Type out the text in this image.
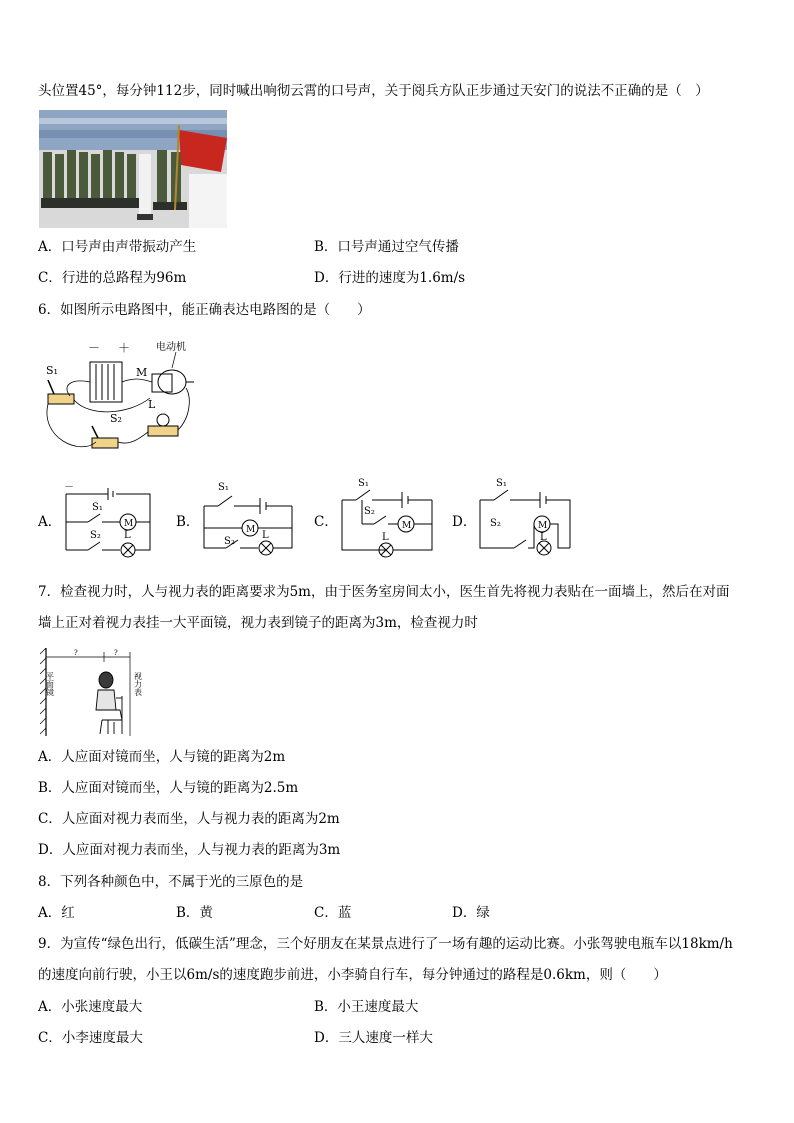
头位置45°，每分钟112步，同时喊出响彻云霄的口号声，关于阅兵方队正步通过天安门的说法不正确的是（　）
A．口号声由声带振动产生	B．口号声通过空气传播
C．行进的总路程为96m	D．行进的速度为1.6m/s
6．如图所示电路图中，能正确表达电路图的是（　　）
－ ＋	电动机
M
L
S₁
S₂
A．	B．	C．	D．
－
S₁
M
S₂ L
S₁
M
S₂
L
S₁
S₂
M
L
S₁
S₂	M
L
7．检查视力时，人与视力表的距离要求为5m，由于医务室房间太小，医生首先将视力表贴在一面墙上，然后在对面
墙上正对着视力表挂一大平面镜，视力表到镜子的距离为3m，检查视力时
?	?
平面镜	视力表
A．人应面对镜而坐，人与镜的距离为2m
B．人应面对镜而坐，人与镜的距离为2.5m
C．人应面对视力表而坐，人与视力表的距离为2m
D．人应面对视力表而坐，人与视力表的距离为3m
8．下列各种颜色中，不属于光的三原色的是
A．红	B．黄	C．蓝	D．绿
9．为宣传“绿色出行，低碳生活”理念，三个好朋友在某景点进行了一场有趣的运动比赛。小张驾驶电瓶车以18km/h
的速度向前行驶，小王以6m/s的速度跑步前进，小李骑自行车，每分钟通过的路程是0.6km，则（　　）
A．小张速度最大	B．小王速度最大
C．小李速度最大	D．三人速度一样大
